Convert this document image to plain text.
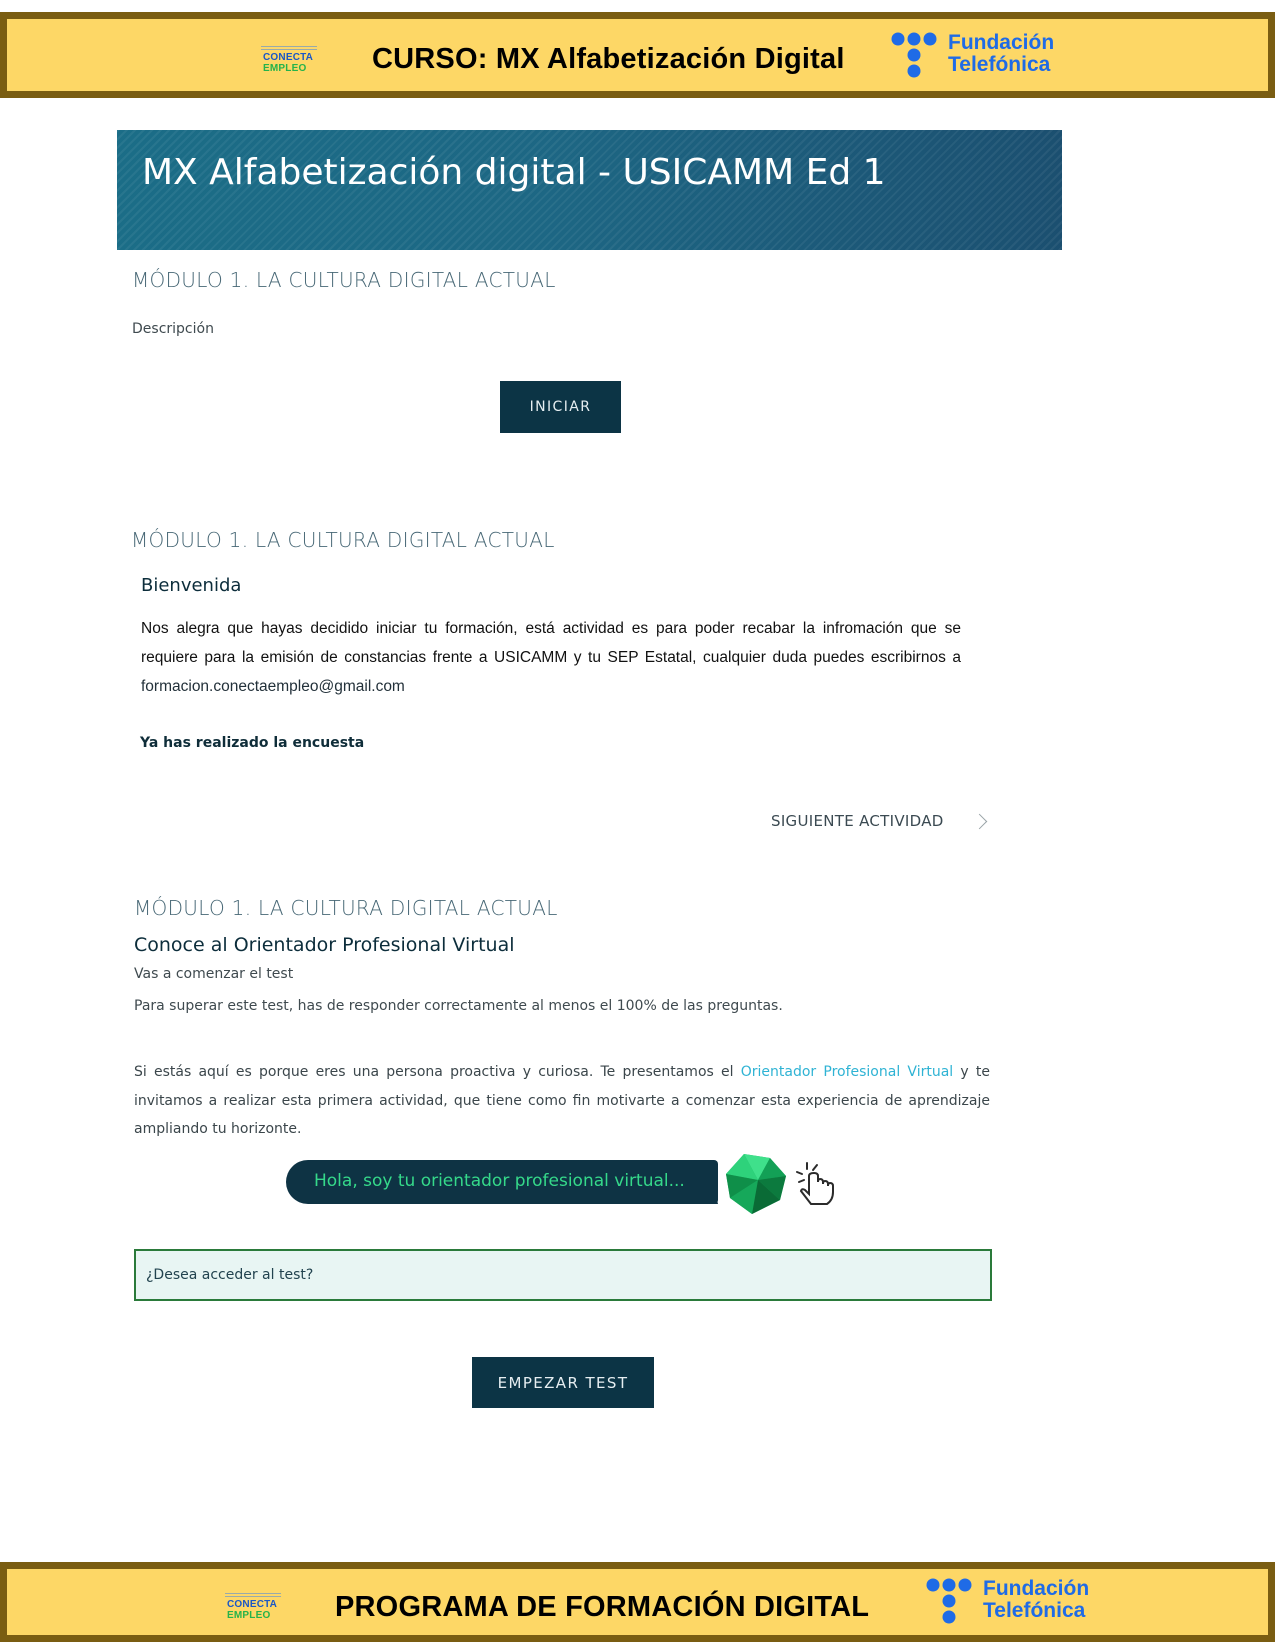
CONECTA
EMPLEO CURSO: MX Alfabetización Digital
Fundación
Telefónica
MX Alfabetización digital - USICAMM Ed 1
MÓDULO 1. LA CULTURA DIGITAL ACTUAL
Descripción
INICIAR
MÓDULO 1. LA CULTURA DIGITAL ACTUAL
Bienvenida
Nos alegra que hayas decidido iniciar tu formación, está actividad es para poder recabar la infromación que se requiere para la emisión de constancias frente a USICAMM y tu SEP Estatal, cualquier duda puedes escribirnos a formacion.conectaempleo@gmail.com
Ya has realizado la encuesta
SIGUIENTE ACTIVIDAD
MÓDULO 1. LA CULTURA DIGITAL ACTUAL
Conoce al Orientador Profesional Virtual
Vas a comenzar el test
Para superar este test, has de responder correctamente al menos el 100% de las preguntas.
Si estás aquí es porque eres una persona proactiva y curiosa. Te presentamos el Orientador Profesional Virtual y te invitamos a realizar esta primera actividad, que tiene como fin motivarte a comenzar esta experiencia de aprendizaje ampliando tu horizonte.
Hola, soy tu orientador profesional virtual...
¿Desea acceder al test?
EMPEZAR TEST
CONECTA
EMPLEO PROGRAMA DE FORMACIÓN DIGITAL
Fundación
Telefónica
